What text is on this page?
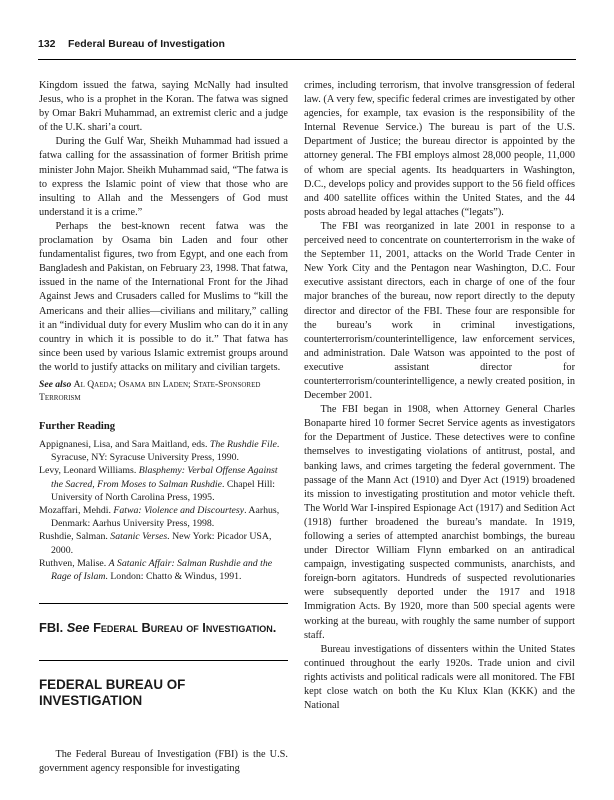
132 Federal Bureau of Investigation

Kingdom issued the fatwa, saying McNally had insulted Jesus, who is a prophet in the Koran. The fatwa was signed by Omar Bakri Muhammad, an extremist cleric and a judge of the U.K. shari’a court.

During the Gulf War, Sheikh Muhammad had issued a fatwa calling for the assassination of former British prime minister John Major. Sheikh Muhammad said, “The fatwa is to express the Islamic point of view that those who are insulting to Allah and the Messengers of God must understand it is a crime.”

Perhaps the best-known recent fatwa was the proclamation by Osama bin Laden and four other fundamentalist figures, two from Egypt, and one each from Bangladesh and Pakistan, on February 23, 1998. That fatwa, issued in the name of the International Front for the Jihad Against Jews and Crusaders called for Muslims to “kill the Americans and their allies—civilians and military,” calling it an “individual duty for every Muslim who can do it in any country in which it is possible to do it.” That fatwa has since been used by various Islamic extremist groups around the world to justify attacks on military and civilian targets.

See also Al Qaeda; Osama bin Laden; State-Sponsored Terrorism
Further Reading
Appignanesi, Lisa, and Sara Maitland, eds. The Rushdie File. Syracuse, NY: Syracuse University Press, 1990.
Levy, Leonard Williams. Blasphemy: Verbal Offense Against the Sacred, From Moses to Salman Rushdie. Chapel Hill: University of North Carolina Press, 1995.
Mozaffari, Mehdi. Fatwa: Violence and Discourtesy. Aarhus, Denmark: Aarhus University Press, 1998.
Rushdie, Salman. Satanic Verses. New York: Picador USA, 2000.
Ruthven, Malise. A Satanic Affair: Salman Rushdie and the Rage of Islam. London: Chatto & Windus, 1991.
FBI. See Federal Bureau of Investigation.
FEDERAL BUREAU OF INVESTIGATION

The Federal Bureau of Investigation (FBI) is the U.S. government agency responsible for investigating

crimes, including terrorism, that involve transgression of federal law. (A very few, specific federal crimes are investigated by other agencies, for example, tax evasion is the responsibility of the Internal Revenue Service.) The bureau is part of the U.S. Department of Justice; the bureau director is appointed by the attorney general. The FBI employs almost 28,000 people, 11,000 of whom are special agents. Its headquarters in Washington, D.C., develops policy and provides support to the 56 field offices and 400 satellite offices within the United States, and the 44 posts abroad headed by legal attaches (“legats”).

The FBI was reorganized in late 2001 in response to a perceived need to concentrate on counterterrorism in the wake of the September 11, 2001, attacks on the World Trade Center in New York City and the Pentagon near Washington, D.C. Four executive assistant directors, each in charge of one of the four major branches of the bureau, now report directly to the deputy director and director of the FBI. These four are responsible for the bureau’s work in criminal investigations, counterterrorism/counterintelligence, law enforcement services, and administration. Dale Watson was appointed to the post of executive assistant director for counterterrorism/counterintelligence, a newly created position, in December 2001.

The FBI began in 1908, when Attorney General Charles Bonaparte hired 10 former Secret Service agents as investigators for the Department of Justice. These detectives were to confine themselves to investigating violations of antitrust, postal, and banking laws, and crimes targeting the federal government. The passage of the Mann Act (1910) and Dyer Act (1919) broadened its mission to investigating prostitution and motor vehicle theft. The World War I-inspired Espionage Act (1917) and Sedition Act (1918) further broadened the bureau’s mandate. In 1919, following a series of attempted anarchist bombings, the bureau under Director William Flynn embarked on an antiradical campaign, investigating suspected communists, anarchists, and foreign-born agitators. Hundreds of suspected revolutionaries were subsequently deported under the 1917 and 1918 Immigration Acts. By 1920, more than 500 special agents were working at the bureau, with roughly the same number of support staff.

Bureau investigations of dissenters within the United States continued throughout the early 1920s. Trade union and civil rights activists and political radicals were all monitored. The FBI kept close watch on both the Ku Klux Klan (KKK) and the National
